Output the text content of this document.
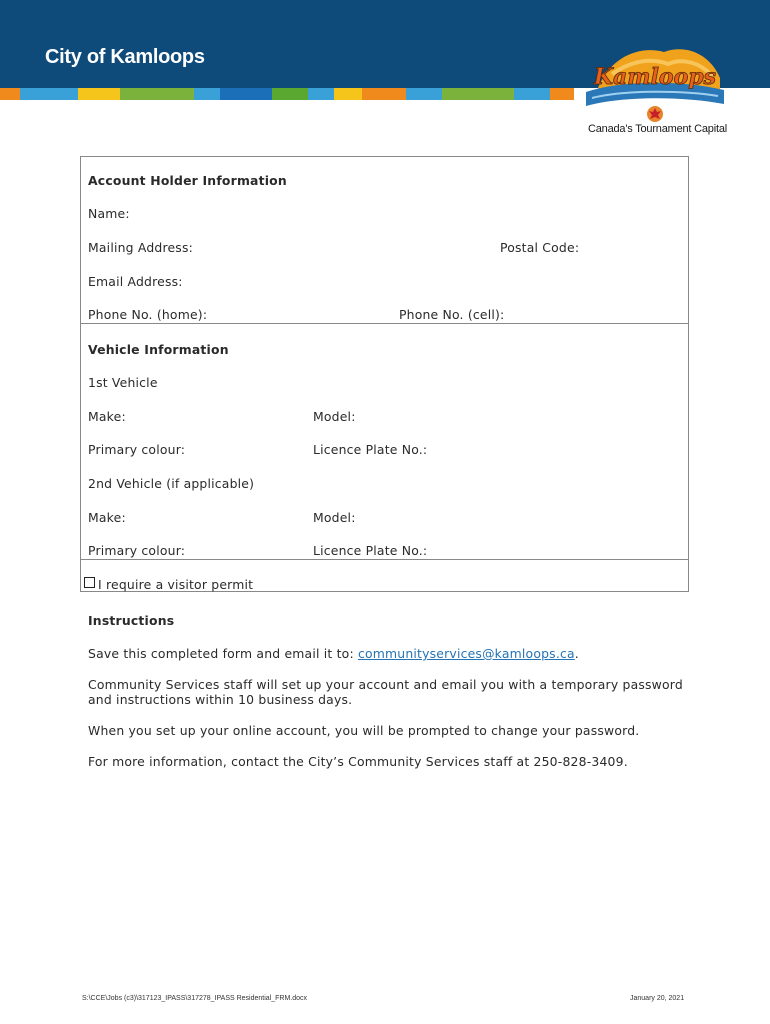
City of Kamloops
Kamloops
Canada's Tournament Capital
Account Holder Information
Name:
Mailing Address:	Postal Code:
Email Address:
Phone No. (home):	Phone No. (cell):
Vehicle Information
1st Vehicle
Make:	Model:
Primary colour:	Licence Plate No.:
2nd Vehicle (if applicable)
Make:	Model:
Primary colour:	Licence Plate No.:
I require a visitor permit
Instructions
Save this completed form and email it to: communityservices@kamloops.ca.
Community Services staff will set up your account and email you with a temporary password and instructions within 10 business days.
When you set up your online account, you will be prompted to change your password.
For more information, contact the City’s Community Services staff at 250-828-3409.
S:\CCE\Jobs (c3)\317123_IPASS\317278_IPASS Residential_FRM.docx	January 20, 2021
